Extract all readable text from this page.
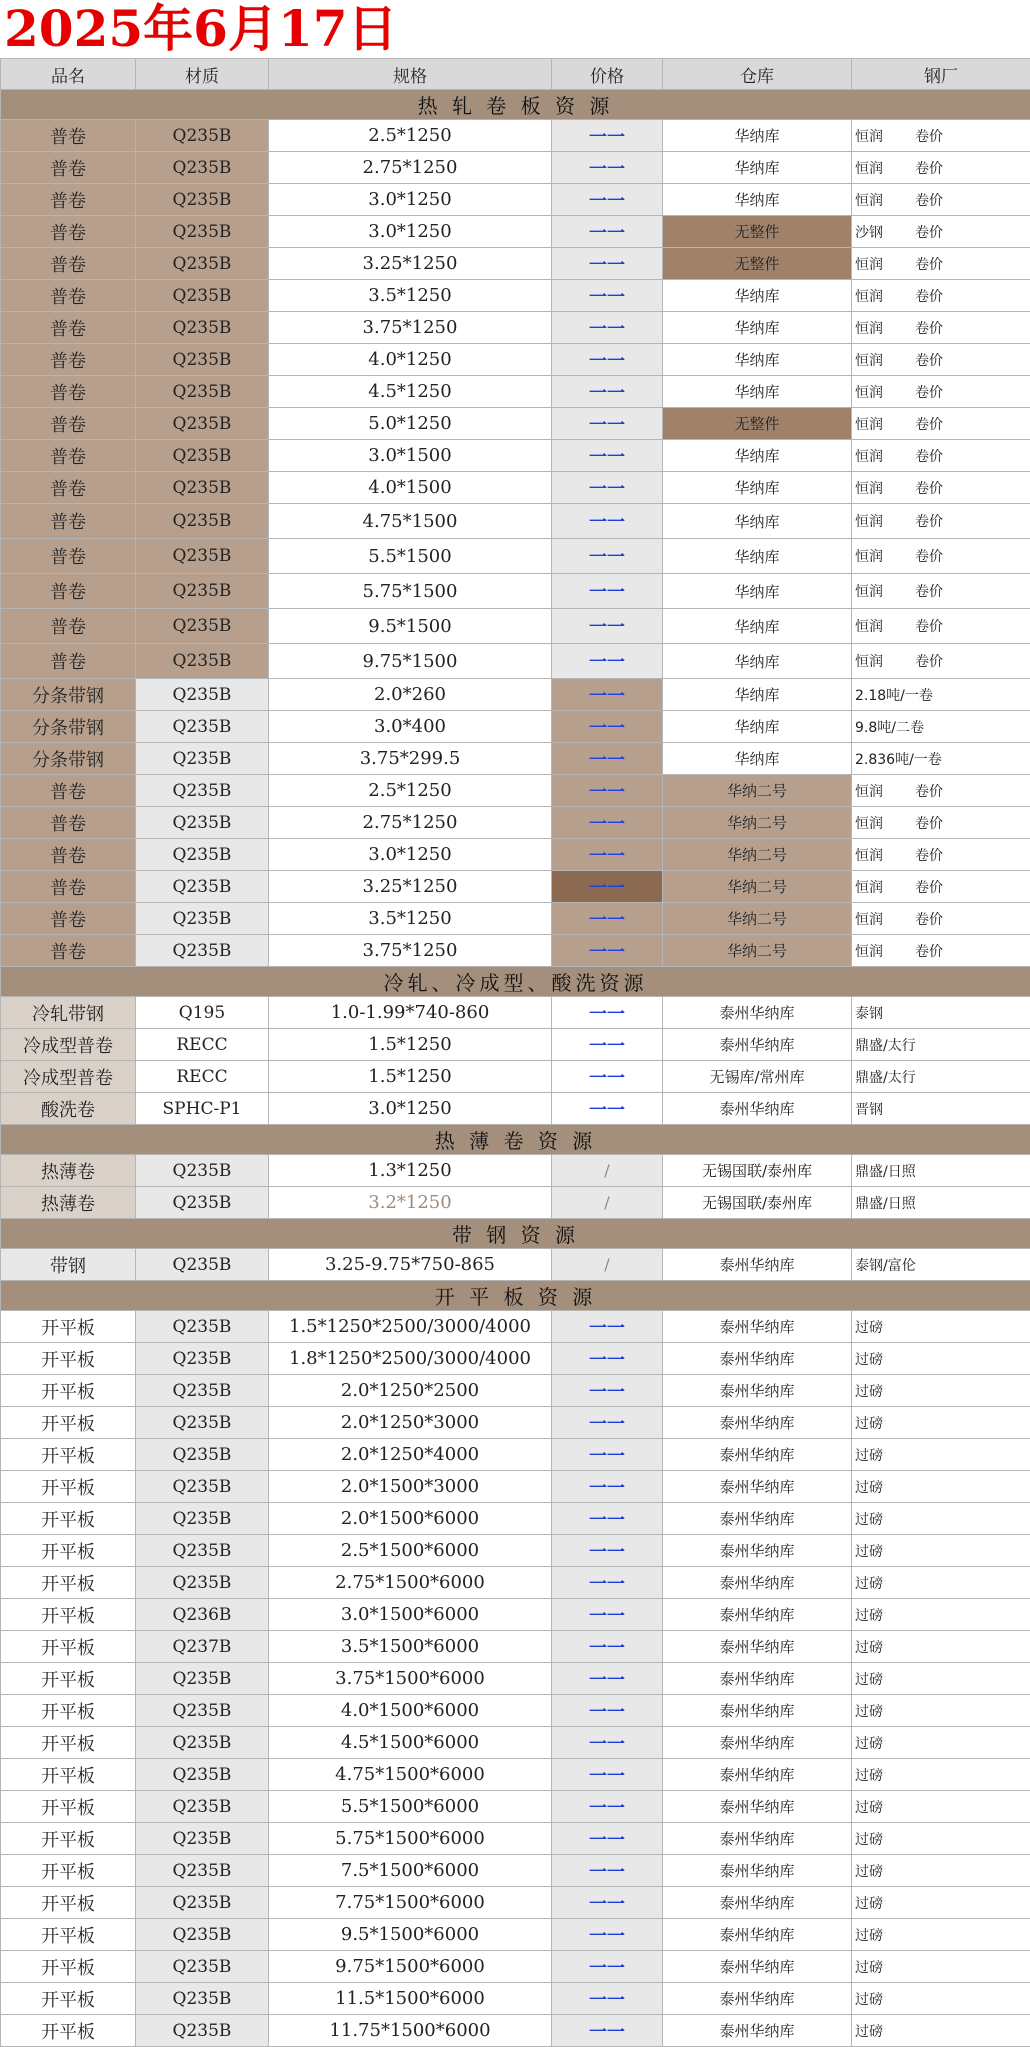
2025年6月17日
品名	材质	规格	价格	仓库	钢厂
热 轧 卷 板 资 源					
普卷	Q235B	2.5*1250	一一	华纳库	恒润 卷价
普卷	Q235B	2.75*1250	一一	华纳库	恒润 卷价
普卷	Q235B	3.0*1250	一一	华纳库	恒润 卷价
普卷	Q235B	3.0*1250	一一	无整件	沙钢 卷价
普卷	Q235B	3.25*1250	一一	无整件	恒润 卷价
普卷	Q235B	3.5*1250	一一	华纳库	恒润 卷价
普卷	Q235B	3.75*1250	一一	华纳库	恒润 卷价
普卷	Q235B	4.0*1250	一一	华纳库	恒润 卷价
普卷	Q235B	4.5*1250	一一	华纳库	恒润 卷价
普卷	Q235B	5.0*1250	一一	无整件	恒润 卷价
普卷	Q235B	3.0*1500	一一	华纳库	恒润 卷价
普卷	Q235B	4.0*1500	一一	华纳库	恒润 卷价
普卷	Q235B	4.75*1500	一一	华纳库	恒润 卷价
普卷	Q235B	5.5*1500	一一	华纳库	恒润 卷价
普卷	Q235B	5.75*1500	一一	华纳库	恒润 卷价
普卷	Q235B	9.5*1500	一一	华纳库	恒润 卷价
普卷	Q235B	9.75*1500	一一	华纳库	恒润 卷价
分条带钢	Q235B	2.0*260	一一	华纳库	2.18吨/一卷
分条带钢	Q235B	3.0*400	一一	华纳库	9.8吨/二卷
分条带钢	Q235B	3.75*299.5	一一	华纳库	2.836吨/一卷
普卷	Q235B	2.5*1250	一一	华纳二号	恒润 卷价
普卷	Q235B	2.75*1250	一一	华纳二号	恒润 卷价
普卷	Q235B	3.0*1250	一一	华纳二号	恒润 卷价
普卷	Q235B	3.25*1250	一一	华纳二号	恒润 卷价
普卷	Q235B	3.5*1250	一一	华纳二号	恒润 卷价
普卷	Q235B	3.75*1250	一一	华纳二号	恒润 卷价
冷轧、冷成型、酸洗资源					
冷轧带钢	Q195	1.0-1.99*740-860	一一	泰州华纳库	泰钢
冷成型普卷	RECC	1.5*1250	一一	泰州华纳库	鼎盛/太行
冷成型普卷	RECC	1.5*1250	一一	无锡库/常州库	鼎盛/太行
酸洗卷	SPHC-P1	3.0*1250	一一	泰州华纳库	晋钢
热 薄 卷 资 源					
热薄卷	Q235B	1.3*1250	/	无锡国联/泰州库	鼎盛/日照
热薄卷	Q235B	3.2*1250	/	无锡国联/泰州库	鼎盛/日照
带 钢 资 源					
带钢	Q235B	3.25-9.75*750-865	/	泰州华纳库	泰钢/富伦
开 平 板 资 源					
开平板	Q235B	1.5*1250*2500/3000/4000	一一	泰州华纳库	过磅
开平板	Q235B	1.8*1250*2500/3000/4000	一一	泰州华纳库	过磅
开平板	Q235B	2.0*1250*2500	一一	泰州华纳库	过磅
开平板	Q235B	2.0*1250*3000	一一	泰州华纳库	过磅
开平板	Q235B	2.0*1250*4000	一一	泰州华纳库	过磅
开平板	Q235B	2.0*1500*3000	一一	泰州华纳库	过磅
开平板	Q235B	2.0*1500*6000	一一	泰州华纳库	过磅
开平板	Q235B	2.5*1500*6000	一一	泰州华纳库	过磅
开平板	Q235B	2.75*1500*6000	一一	泰州华纳库	过磅
开平板	Q236B	3.0*1500*6000	一一	泰州华纳库	过磅
开平板	Q237B	3.5*1500*6000	一一	泰州华纳库	过磅
开平板	Q235B	3.75*1500*6000	一一	泰州华纳库	过磅
开平板	Q235B	4.0*1500*6000	一一	泰州华纳库	过磅
开平板	Q235B	4.5*1500*6000	一一	泰州华纳库	过磅
开平板	Q235B	4.75*1500*6000	一一	泰州华纳库	过磅
开平板	Q235B	5.5*1500*6000	一一	泰州华纳库	过磅
开平板	Q235B	5.75*1500*6000	一一	泰州华纳库	过磅
开平板	Q235B	7.5*1500*6000	一一	泰州华纳库	过磅
开平板	Q235B	7.75*1500*6000	一一	泰州华纳库	过磅
开平板	Q235B	9.5*1500*6000	一一	泰州华纳库	过磅
开平板	Q235B	9.75*1500*6000	一一	泰州华纳库	过磅
开平板	Q235B	11.5*1500*6000	一一	泰州华纳库	过磅
开平板	Q235B	11.75*1500*6000	一一	泰州华纳库	过磅
